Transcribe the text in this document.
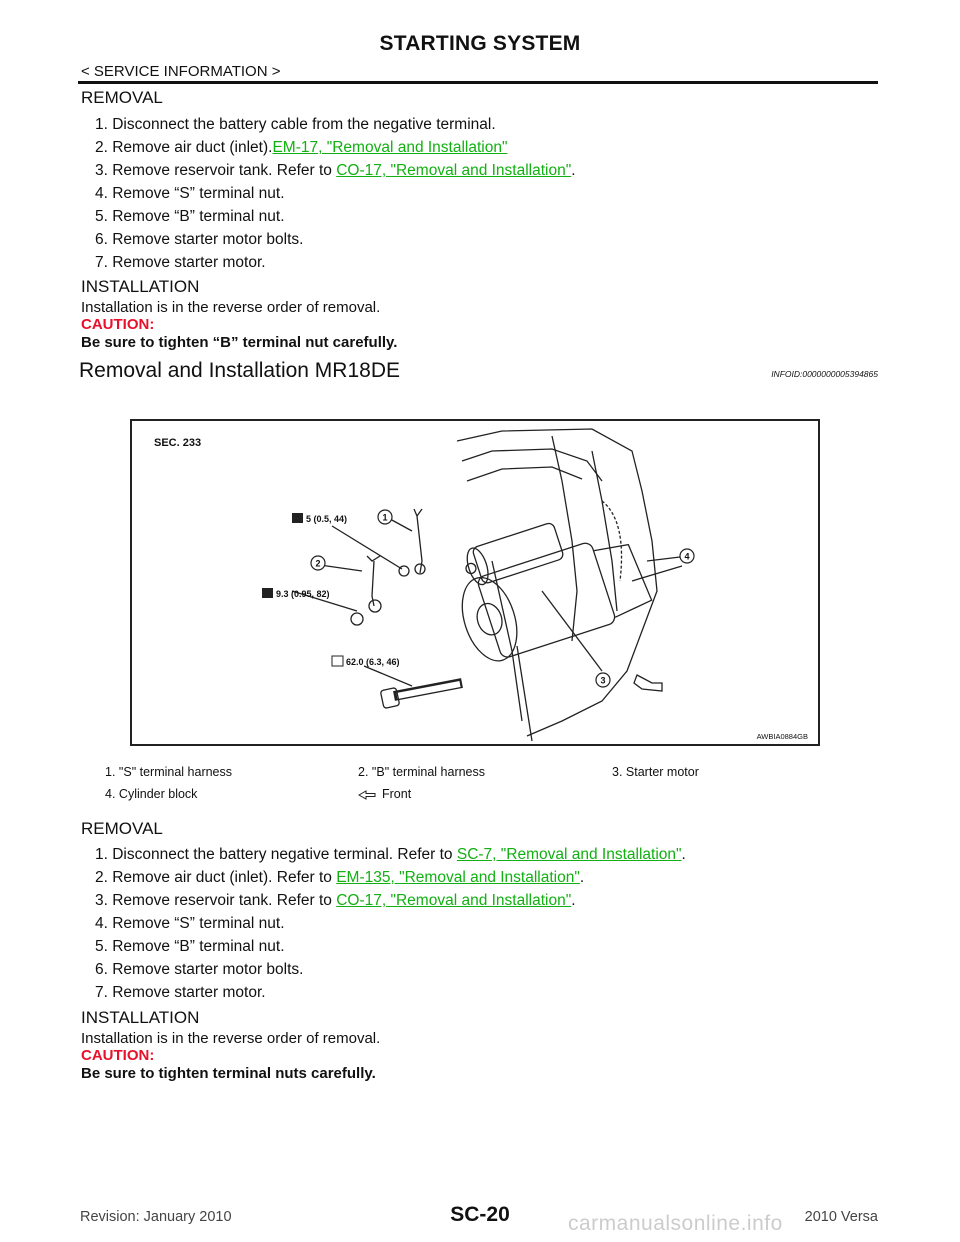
STARTING SYSTEM
< SERVICE INFORMATION >
REMOVAL
1. Disconnect the battery cable from the negative terminal.
2. Remove air duct (inlet).EM-17, "Removal and Installation"
3. Remove reservoir tank. Refer to CO-17, "Removal and Installation".
4. Remove “S” terminal nut.
5. Remove “B” terminal nut.
6. Remove starter motor bolts.
7. Remove starter motor.
INSTALLATION
Installation is in the reverse order of removal.
CAUTION:
Be sure to tighten “B” terminal nut carefully.
Removal and Installation MR18DE	INFOID:0000000005394865
1
2
3
4
SEC. 233
5 (0.5, 44)
9.3 (0.95, 82)
62.0 (6.3, 46)
AWBIA0884GB
1. "S" terminal harness	2. "B" terminal harness	3. Starter motor
4. Cylinder block	Front
REMOVAL
1. Disconnect the battery negative terminal. Refer to SC-7, "Removal and Installation".
2. Remove air duct (inlet). Refer to EM-135, "Removal and Installation".
3. Remove reservoir tank. Refer to CO-17, "Removal and Installation".
4. Remove “S” terminal nut.
5. Remove “B” terminal nut.
6. Remove starter motor bolts.
7. Remove starter motor.
INSTALLATION
Installation is in the reverse order of removal.
CAUTION:
Be sure to tighten terminal nuts carefully.
Revision: January 2010	carmanualsonline.info
SC-20	2010 Versa
